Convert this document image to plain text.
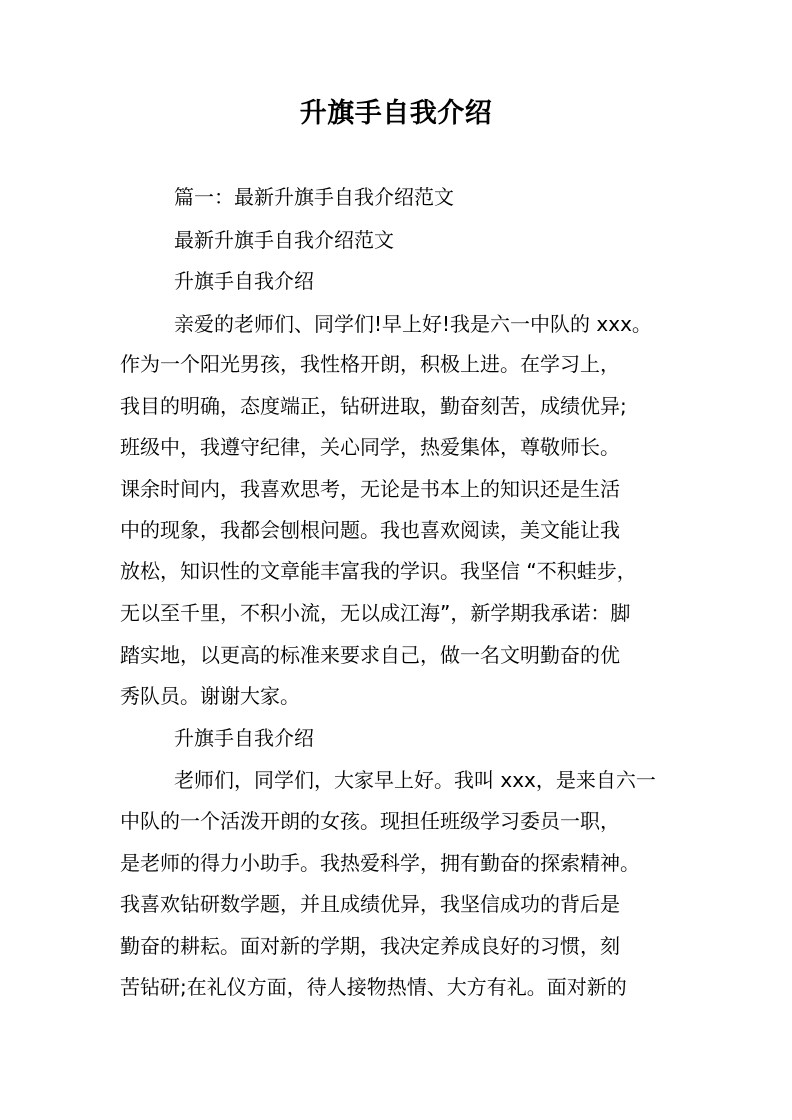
升旗手自我介绍
篇一：最新升旗手自我介绍范文
最新升旗手自我介绍范文
升旗手自我介绍
亲爱的老师们、同学们!早上好!我是六一中队的 xxx。
作为一个阳光男孩，我性格开朗，积极上进。在学习上，
我目的明确，态度端正，钻研进取，勤奋刻苦，成绩优异;
班级中，我遵守纪律，关心同学，热爱集体，尊敬师长。
课余时间内，我喜欢思考，无论是书本上的知识还是生活
中的现象，我都会刨根问题。我也喜欢阅读，美文能让我
放松，知识性的文章能丰富我的学识。我坚信 “不积蛙步，
无以至千里，不积小流，无以成江海”，新学期我承诺：脚
踏实地，以更高的标准来要求自己，做一名文明勤奋的优
秀队员。谢谢大家。
升旗手自我介绍
老师们，同学们，大家早上好。我叫 xxx，是来自六一
中队的一个活泼开朗的女孩。现担任班级学习委员一职，
是老师的得力小助手。我热爱科学，拥有勤奋的探索精神。
我喜欢钻研数学题，并且成绩优异，我坚信成功的背后是
勤奋的耕耘。面对新的学期，我决定养成良好的习惯，刻
苦钻研;在礼仪方面，待人接物热情、大方有礼。面对新的
